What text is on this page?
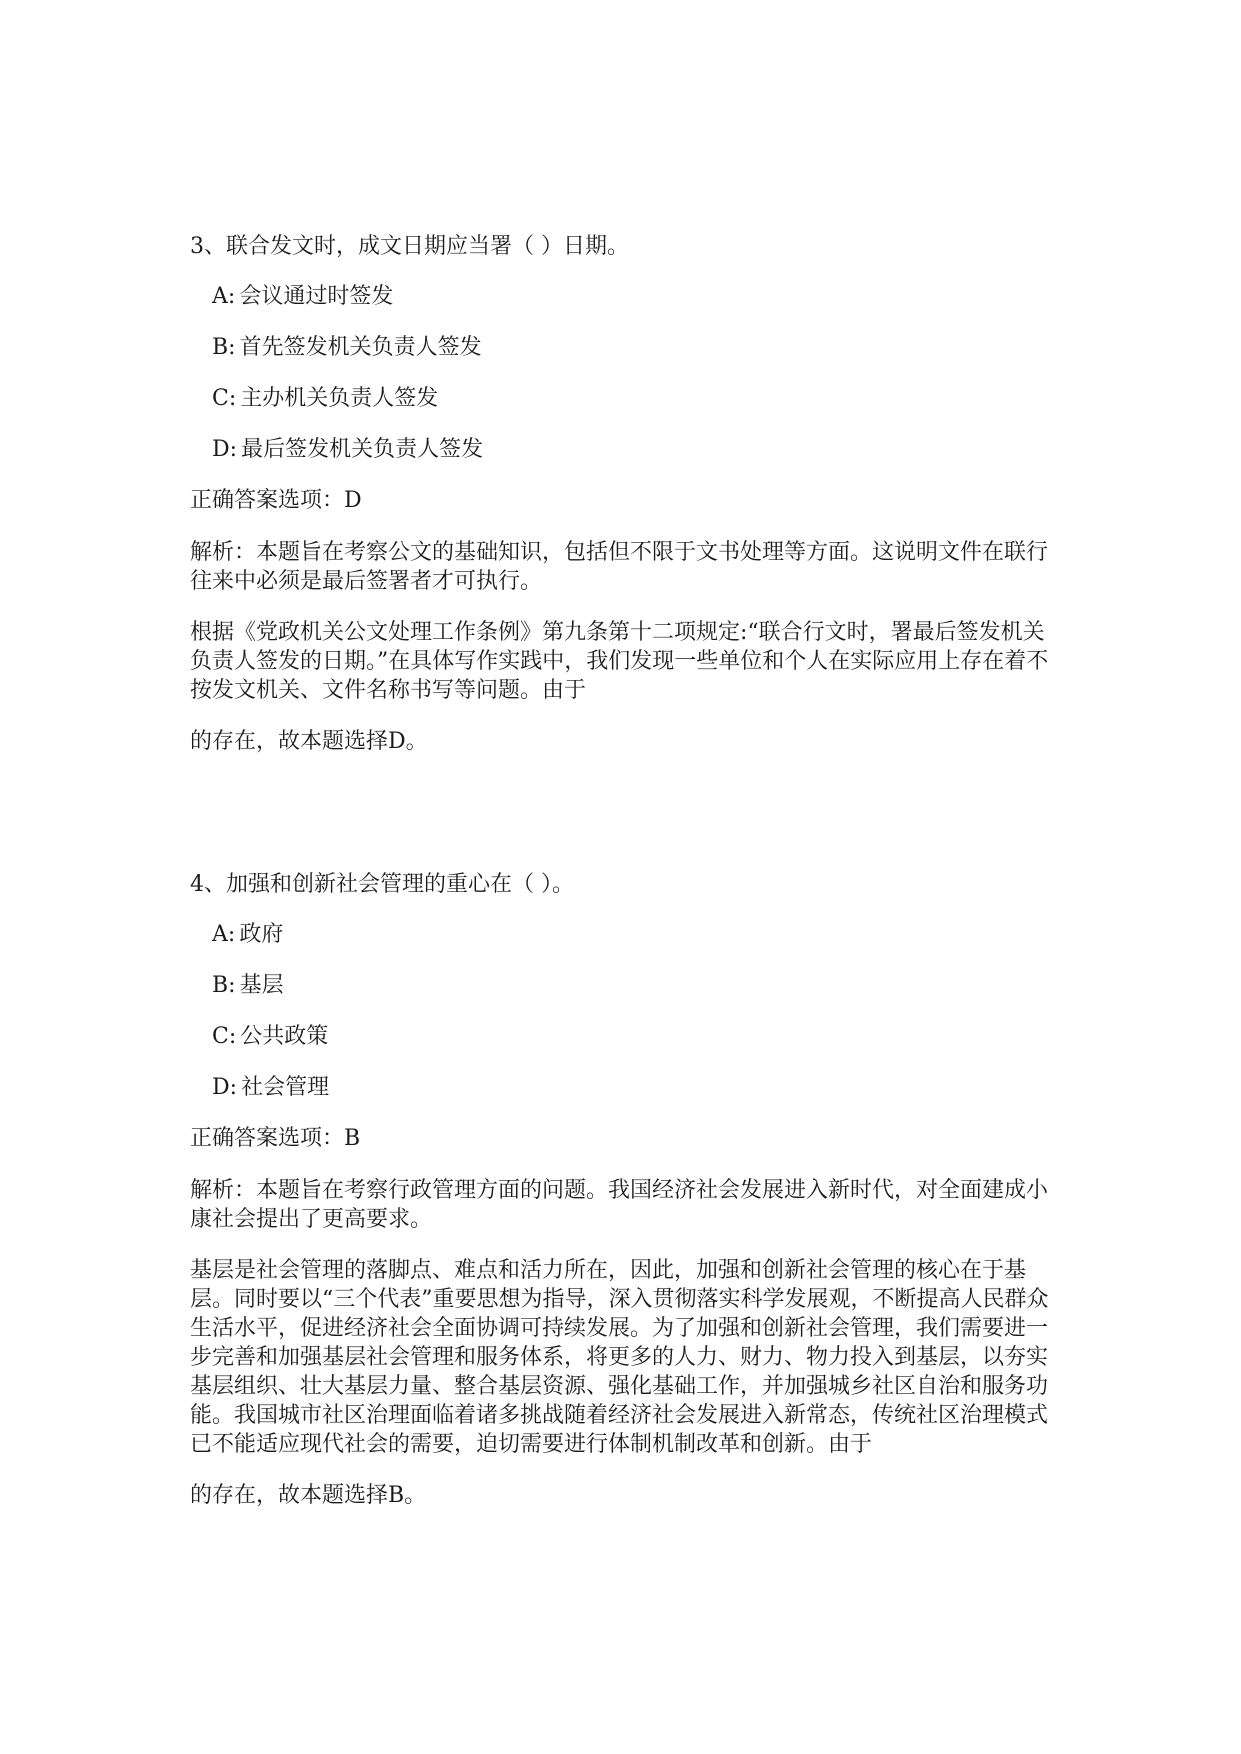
3、联合发文时，成文日期应当署（ ）日期。

A: 会议通过时签发
B: 首先签发机关负责人签发
C: 主办机关负责人签发
D: 最后签发机关负责人签发

正确答案选项：D

解析：本题旨在考察公文的基础知识，包括但不限于文书处理等方面。这说明文件在联行往来中必须是最后签署者才可执行。

根据《党政机关公文处理工作条例》第九条第十二项规定:“联合行文时，署最后签发机关负责人签发的日期。”在具体写作实践中，我们发现一些单位和个人在实际应用上存在着不按发文机关、文件名称书写等问题。由于

的存在，故本题选择D。

4、加强和创新社会管理的重心在（ ）。

A: 政府
B: 基层
C: 公共政策
D: 社会管理

正确答案选项：B

解析：本题旨在考察行政管理方面的问题。我国经济社会发展进入新时代，对全面建成小康社会提出了更高要求。

基层是社会管理的落脚点、难点和活力所在，因此，加强和创新社会管理的核心在于基层。同时要以“三个代表”重要思想为指导，深入贯彻落实科学发展观，不断提高人民群众生活水平，促进经济社会全面协调可持续发展。为了加强和创新社会管理，我们需要进一步完善和加强基层社会管理和服务体系，将更多的人力、财力、物力投入到基层，以夯实基层组织、壮大基层力量、整合基层资源、强化基础工作，并加强城乡社区自治和服务功能。我国城市社区治理面临着诸多挑战随着经济社会发展进入新常态，传统社区治理模式已不能适应现代社会的需要，迫切需要进行体制机制改革和创新。由于

的存在，故本题选择B。
